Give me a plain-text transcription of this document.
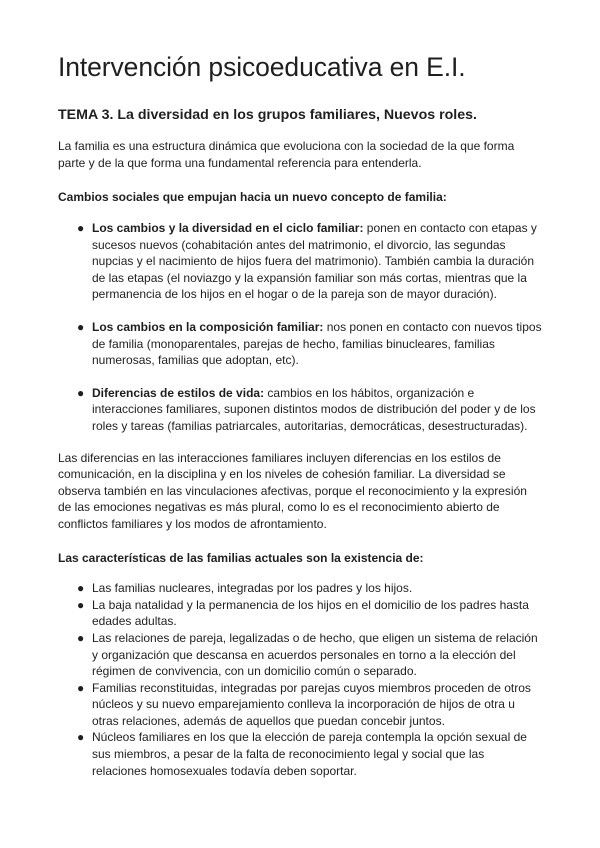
Intervención psicoeducativa en E.I.
TEMA 3. La diversidad en los grupos familiares, Nuevos roles.

La familia es una estructura dinámica que evoluciona con la sociedad de la que forma parte y de la que forma una fundamental referencia para entenderla.

Cambios sociales que empujan hacia un nuevo concepto de familia:
● Los cambios y la diversidad en el ciclo familiar: ponen en contacto con etapas y sucesos nuevos (cohabitación antes del matrimonio, el divorcio, las segundas nupcias y el nacimiento de hijos fuera del matrimonio). También cambia la duración de las etapas (el noviazgo y la expansión familiar son más cortas, mientras que la permanencia de los hijos en el hogar o de la pareja son de mayor duración).
● Los cambios en la composición familiar: nos ponen en contacto con nuevos tipos de familia (monoparentales, parejas de hecho, familias binucleares, familias numerosas, familias que adoptan, etc).
● Diferencias de estilos de vida: cambios en los hábitos, organización e interacciones familiares, suponen distintos modos de distribución del poder y de los roles y tareas (familias patriarcales, autoritarias, democráticas, desestructuradas).

Las diferencias en las interacciones familiares incluyen diferencias en los estilos de comunicación, en la disciplina y en los niveles de cohesión familiar. La diversidad se observa también en las vinculaciones afectivas, porque el reconocimiento y la expresión de las emociones negativas es más plural, como lo es el reconocimiento abierto de conflictos familiares y los modos de afrontamiento.

Las características de las familias actuales son la existencia de:
● Las familias nucleares, integradas por los padres y los hijos.
● La baja natalidad y la permanencia de los hijos en el domicilio de los padres hasta edades adultas.
● Las relaciones de pareja, legalizadas o de hecho, que eligen un sistema de relación y organización que descansa en acuerdos personales en torno a la elección del régimen de convivencia, con un domicilio común o separado.
● Familias reconstituidas, integradas por parejas cuyos miembros proceden de otros núcleos y su nuevo emparejamiento conlleva la incorporación de hijos de otra u otras relaciones, además de aquellos que puedan concebir juntos.
● Núcleos familiares en los que la elección de pareja contempla la opción sexual de sus miembros, a pesar de la falta de reconocimiento legal y social que las relaciones homosexuales todavía deben soportar.
